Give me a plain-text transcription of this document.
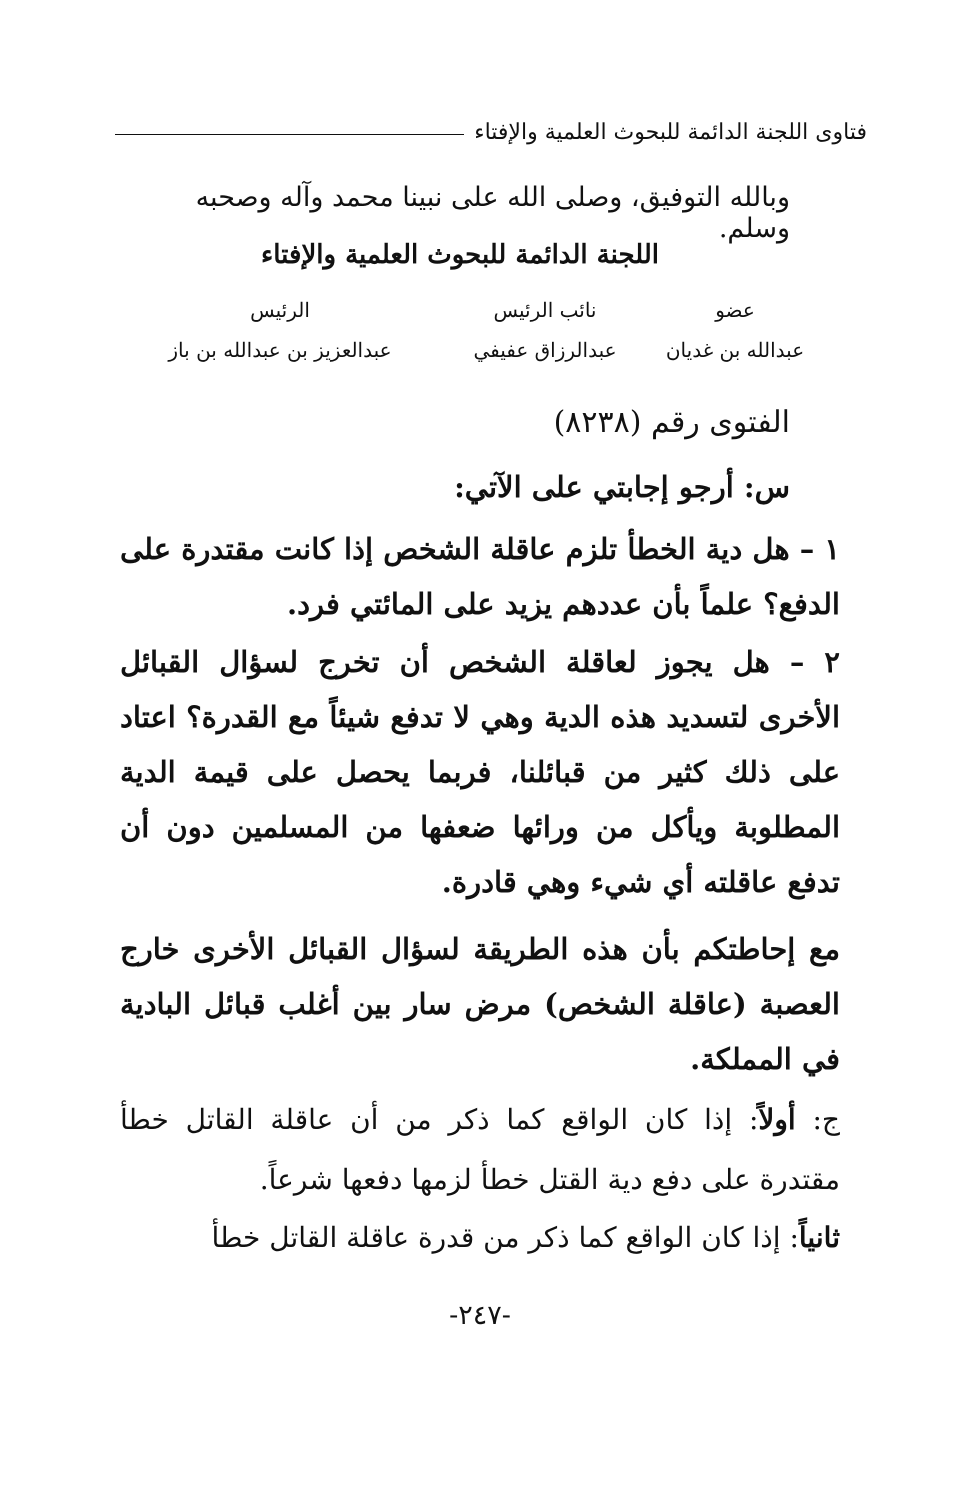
فتاوى اللجنة الدائمة للبحوث العلمية والإفتاء
وبالله التوفيق، وصلى الله على نبينا محمد وآله وصحبه وسلم.
اللجنة الدائمة للبحوث العلمية والإفتاء
عضو
نائب الرئيس
الرئيس
عبدالله بن غديان
عبدالرزاق عفيفي
عبدالعزيز بن عبدالله بن باز
الفتوى رقم (٨٢٣٨)
س: أرجو إجابتي على الآتي:
١ – هل دية الخطأ تلزم عاقلة الشخص إذا كانت مقتدرة على الدفع؟ علماً بأن عددهم يزيد على المائتي فرد.
٢ – هل يجوز لعاقلة الشخص أن تخرج لسؤال القبائل الأخرى لتسديد هذه الدية وهي لا تدفع شيئاً مع القدرة؟ اعتاد على ذلك كثير من قبائلنا، فربما يحصل على قيمة الدية المطلوبة ويأكل من ورائها ضعفها من المسلمين دون أن تدفع عاقلته أي شيء وهي قادرة.
مع إحاطتكم بأن هذه الطريقة لسؤال القبائل الأخرى خارج العصبة (عاقلة الشخص) مرض سار بين أغلب قبائل البادية في المملكة.
ج: أولاً: إذا كان الواقع كما ذكر من أن عاقلة القاتل خطأ مقتدرة على دفع دية القتل خطأ لزمها دفعها شرعاً.
ثانياً: إذا كان الواقع كما ذكر من قدرة عاقلة القاتل خطأ
-٢٤٧-
